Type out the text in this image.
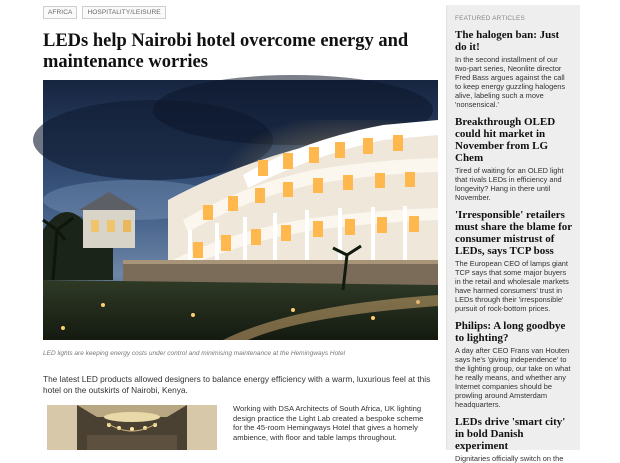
AFRICA	HOSPITALITY/LEISURE
LEDs help Nairobi hotel overcome energy and maintenance worries

LED lights are keeping energy costs under control and minimising maintenance at the Hemingways Hotel

The latest LED products allowed designers to balance energy efficiency with a warm, luxurious feel at this hotel on the outskirts of Nairobi, Kenya.

Working with DSA Architects of South Africa, UK lighting design practice the Light Lab created a bespoke scheme for the 45-room Hemingways Hotel that gives a homely ambience, with floor and table lamps throughout.

FEATURED ARTICLES
The halogen ban: Just do it!
In the second installment of our two-part series, Neonlite director Fred Bass argues against the call to keep energy guzzling halogens alive, labeling such a move 'nonsensical.'
Breakthrough OLED could hit market in November from LG Chem
Tired of waiting for an OLED light that rivals LEDs in efficiency and longevity? Hang in there until November.
'Irresponsible' retailers must share the blame for consumer mistrust of LEDs, says TCP boss
The European CEO of lamps giant TCP says that some major buyers in the retail and wholesale markets have harmed consumers' trust in LEDs through their 'irresponsible' pursuit of rock-bottom prices.
Philips: A long goodbye to lighting?
A day after CEO Frans van Houten says he's 'giving independence' to the lighting group, our take on what he really means, and whether any Internet companies should be prowling around Amsterdam headquarters.
LEDs drive 'smart city' in bold Danish experiment
Dignitaries officially switch on the
